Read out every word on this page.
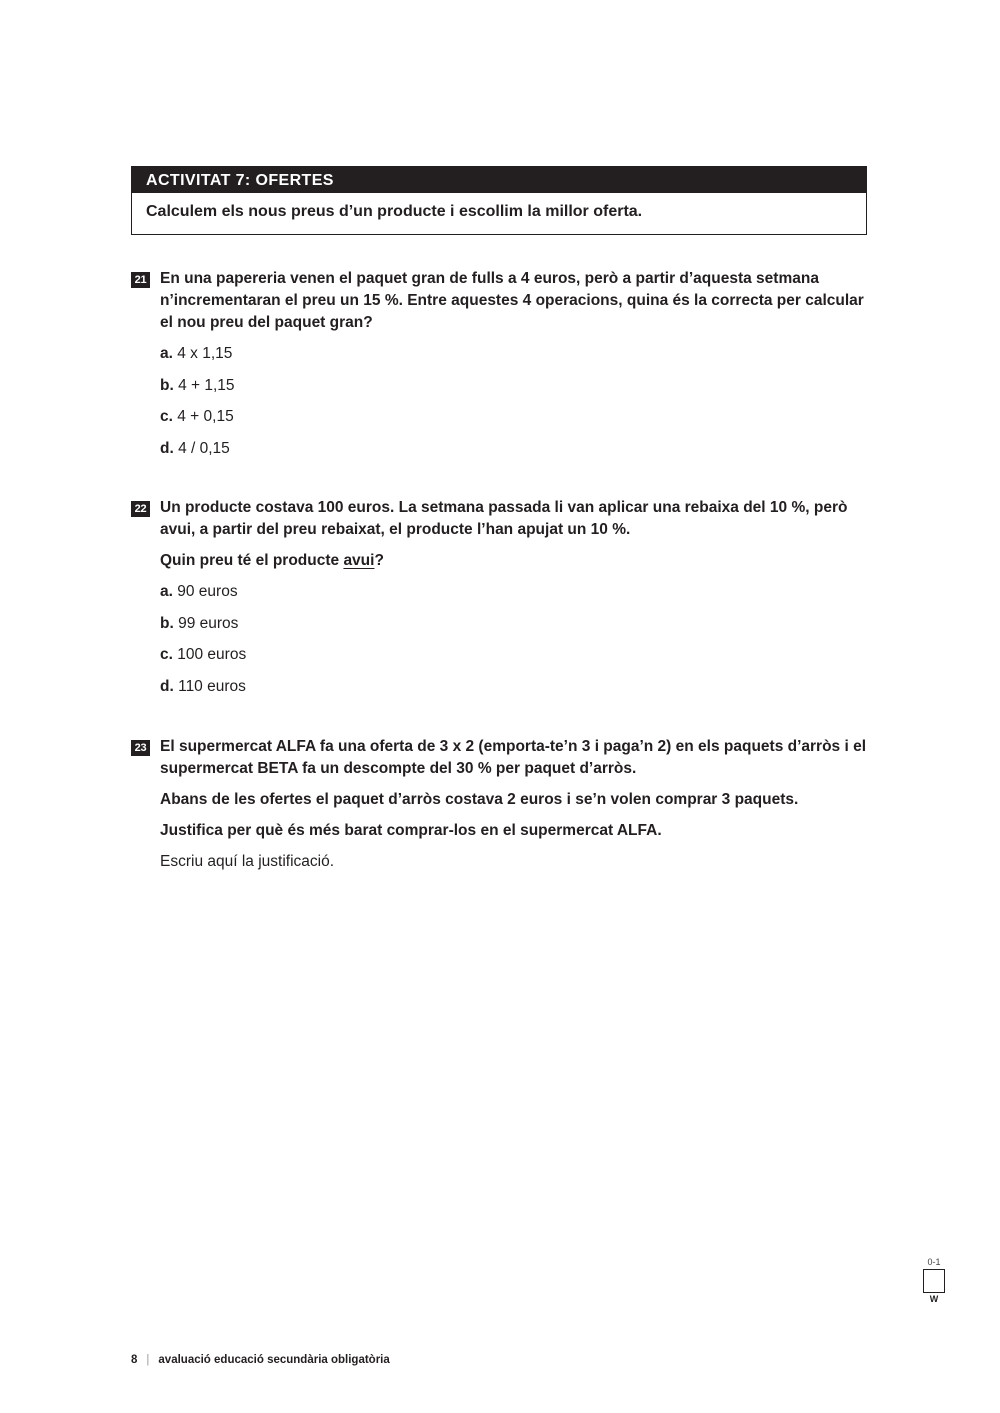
ACTIVITAT 7: OFERTES
Calculem els nous preus d’un producte i escollim la millor oferta.
21 En una papereria venen el paquet gran de fulls a 4 euros, però a partir d’aquesta setmana n’incrementaran el preu un 15 %. Entre aquestes 4 operacions, quina és la correcta per calcular el nou preu del paquet gran?
a. 4 x 1,15
b. 4 + 1,15
c. 4 + 0,15
d. 4 / 0,15
22 Un producte costava 100 euros. La setmana passada li van aplicar una rebaixa del 10 %, però avui, a partir del preu rebaixat, el producte l’han apujat un 10 %.
Quin preu té el producte avui?
a. 90 euros
b. 99 euros
c. 100 euros
d. 110 euros
23 El supermercat ALFA fa una oferta de 3 x 2 (emporta-te’n 3 i paga’n 2) en els paquets d’arròs i el supermercat BETA fa un descompte del 30 % per paquet d’arròs.
Abans de les ofertes el paquet d’arròs costava 2 euros i se’n volen comprar 3 paquets.
Justifica per què és més barat comprar-los en el supermercat ALFA.
Escriu aquí la justificació.
0-1
W
8 | avaluació educació secundària obligatòria
